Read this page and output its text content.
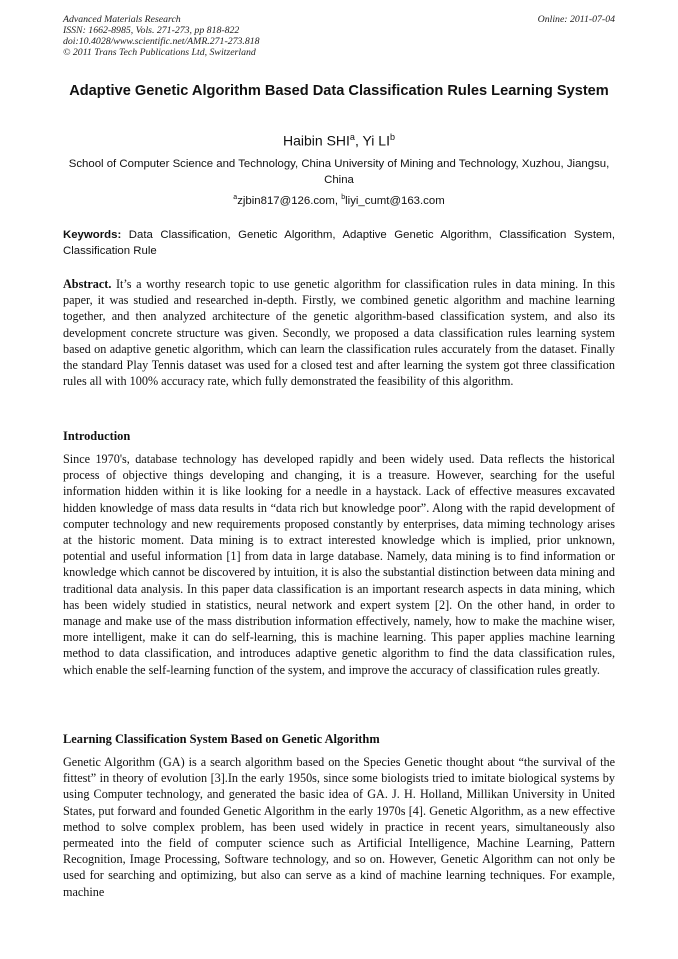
Advanced Materials Research
ISSN: 1662-8985, Vols. 271-273, pp 818-822
doi:10.4028/www.scientific.net/AMR.271-273.818
© 2011 Trans Tech Publications Ltd, Switzerland
Online: 2011-07-04
Adaptive Genetic Algorithm Based Data Classification Rules Learning System
Haibin SHI$^a$, Yi $LI^b$
School of Computer Science and Technology, China University of Mining and Technology, Xuzhou, Jiangsu, China
$^a$zjbin817@126.com, $^b$liyi_cumt@163.com
Keywords: Data Classification, Genetic Algorithm, Adaptive Genetic Algorithm, Classification System, Classification Rule
Abstract. It’s a worthy research topic to use genetic algorithm for classification rules in data mining. In this paper, it was studied and researched in-depth. Firstly, we combined genetic algorithm and machine learning together, and then analyzed architecture of the genetic algorithm-based classification system, and also its development concrete structure was given. Secondly, we proposed a data classification rules learning system based on adaptive genetic algorithm, which can learn the classification rules accurately from the dataset. Finally the standard Play Tennis dataset was used for a closed test and after learning the system got three classification rules all with 100% accuracy rate, which fully demonstrated the feasibility of this algorithm.
Introduction
Since 1970's, database technology has developed rapidly and been widely used. Data reflects the historical process of objective things developing and changing, it is a treasure. However, searching for the useful information hidden within it is like looking for a needle in a haystack. Lack of effective measures excavated hidden knowledge of mass data results in “data rich but knowledge poor”. Along with the rapid development of computer technology and new requirements proposed constantly by enterprises, data miming technology arises at the historic moment. Data mining is to extract interested knowledge which is implied, prior unknown, potential and useful information [1] from data in large database. Namely, data mining is to find information or knowledge which cannot be discovered by intuition, it is also the substantial distinction between data mining and traditional data analysis. In this paper data classification is an important research aspects in data mining, which has been widely studied in statistics, neural network and expert system [2]. On the other hand, in order to manage and make use of the mass distribution information effectively, namely, how to make the machine wiser, more intelligent, make it can do self-learning, this is machine learning. This paper applies machine learning method to data classification, and introduces adaptive genetic algorithm to find the data classification rules, which enable the self-learning function of the system, and improve the accuracy of classification rules greatly.
Learning Classification System Based on Genetic Algorithm
Genetic Algorithm (GA) is a search algorithm based on the Species Genetic thought about “the survival of the fittest” in theory of evolution [3].In the early 1950s, since some biologists tried to imitate biological systems by using Computer technology, and generated the basic idea of GA. J. H. Holland, Millikan University in United States, put forward and founded Genetic Algorithm in the early 1970s [4]. Genetic Algorithm, as a new effective method to solve complex problem, has been used widely in practice in recent years, simultaneously also permeated into the field of computer science such as Artificial Intelligence, Machine Learning, Pattern Recognition, Image Processing, Software technology, and so on. However, Genetic Algorithm can not only be used for searching and optimizing, but also can serve as a kind of machine learning techniques. For example, machine
